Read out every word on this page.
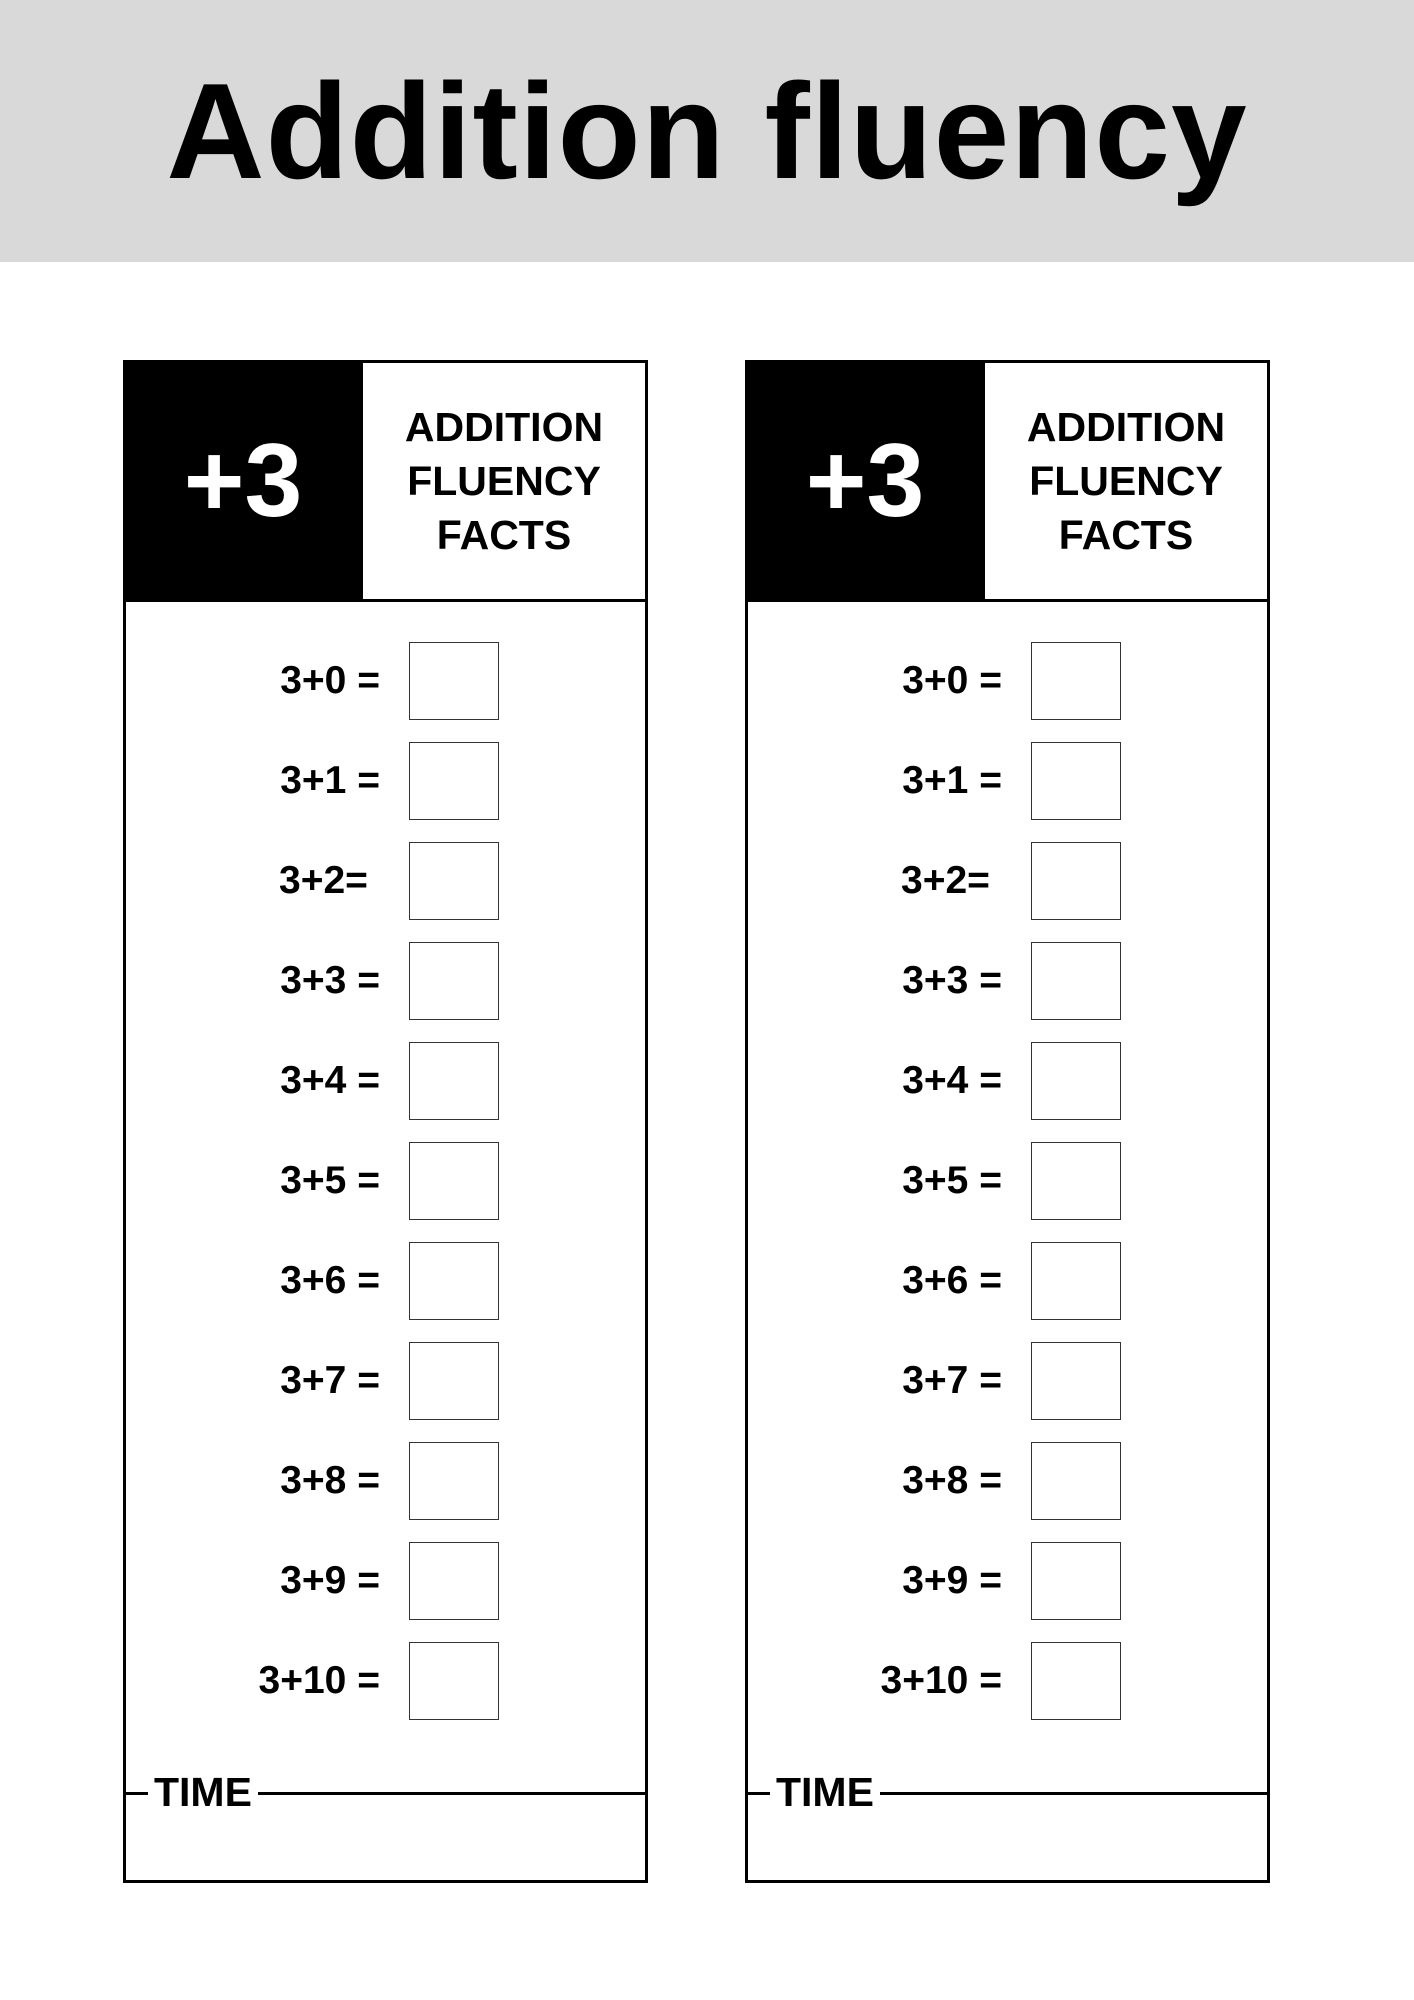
Addition fluency
+3	ADDITION
FLUENCY
FACTS
3+0 =
3+1 =
3+2=
3+3 =
3+4 =
3+5 =
3+6 =
3+7 =
3+8 =
3+9 =
3+10 =
TIME
+3	ADDITION
FLUENCY
FACTS
3+0 =
3+1 =
3+2=
3+3 =
3+4 =
3+5 =
3+6 =
3+7 =
3+8 =
3+9 =
3+10 =
TIME
